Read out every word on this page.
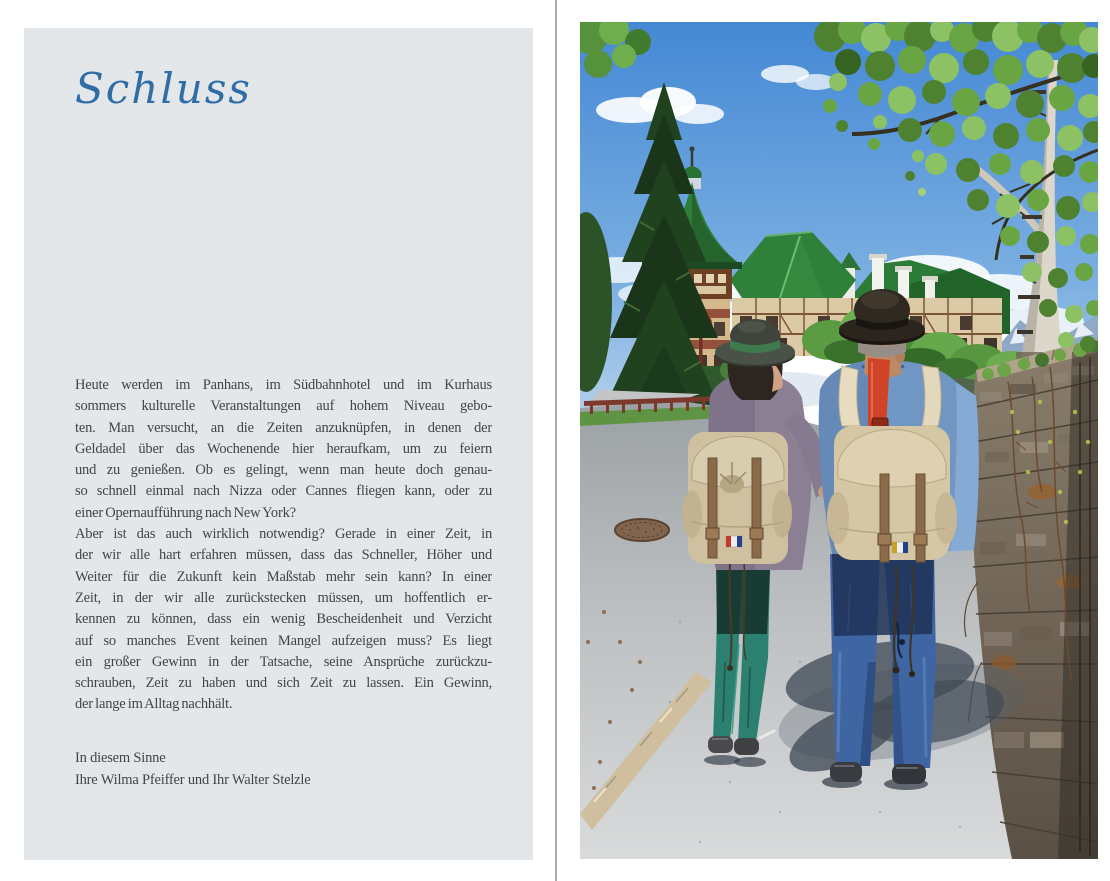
Schluss
Heute werden im Panhans, im Südbahnhotel und im Kurhaus
sommers kulturelle Veranstaltungen auf hohem Niveau gebo-
ten. Man versucht, an die Zeiten anzuknüpfen, in denen der
Geldadel über das Wochenende hier heraufkam, um zu feiern
und zu genießen. Ob es gelingt, wenn man heute doch genau-
so schnell einmal nach Nizza oder Cannes fliegen kann, oder zu
einer Opernaufführung nach New York?
Aber ist das auch wirklich notwendig? Gerade in einer Zeit, in
der wir alle hart erfahren müssen, dass das Schneller, Höher und
Weiter für die Zukunft kein Maßstab mehr sein kann? In einer
Zeit, in der wir alle zurückstecken müssen, um hoffentlich er-
kennen zu können, dass ein wenig Bescheidenheit und Verzicht
auf so manches Event keinen Mangel aufzeigen muss? Es liegt
ein großer Gewinn in der Tatsache, seine Ansprüche zurückzu-
schrauben, Zeit zu haben und sich Zeit zu lassen. Ein Gewinn,
der lange im Alltag nachhält.
In diesem Sinne
Ihre Wilma Pfeiffer und Ihr Walter Stelzle
